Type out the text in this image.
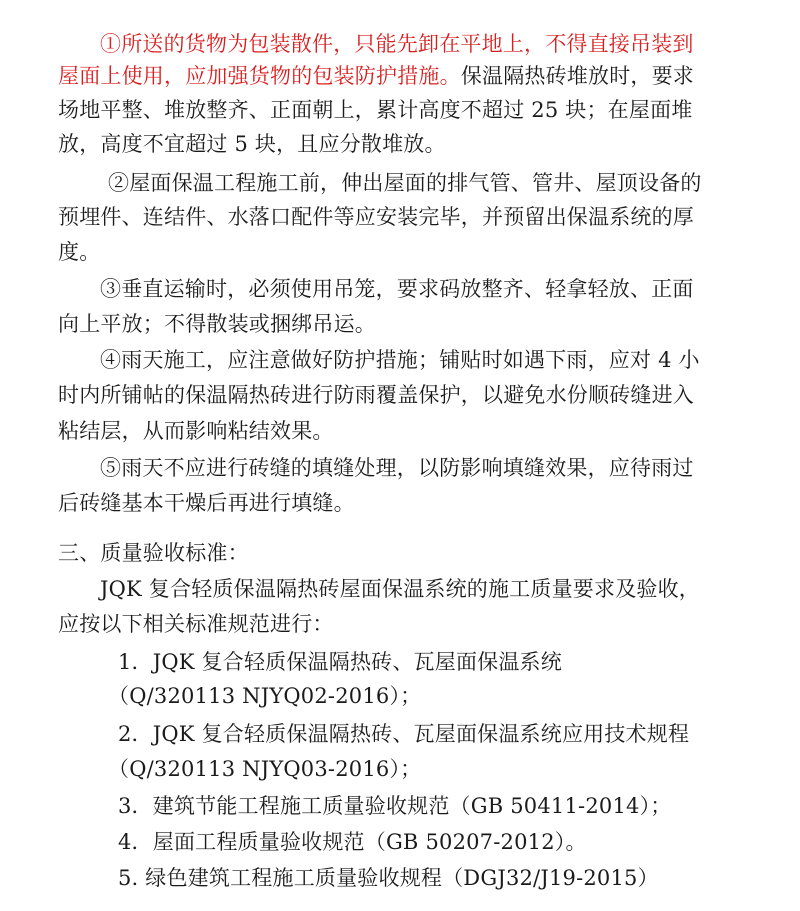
①所送的货物为包装散件，只能先卸在平地上，不得直接吊装到
屋面上使用，应加强货物的包装防护措施。保温隔热砖堆放时，要求
场地平整、堆放整齐、正面朝上，累计高度不超过 25 块；在屋面堆
放，高度不宜超过 5 块，且应分散堆放。
②屋面保温工程施工前，伸出屋面的排气管、管井、屋顶设备的
预埋件、连结件、水落口配件等应安装完毕，并预留出保温系统的厚
度。
③垂直运输时，必须使用吊笼，要求码放整齐、轻拿轻放、正面
向上平放；不得散装或捆绑吊运。
④雨天施工，应注意做好防护措施；铺贴时如遇下雨，应对 4 小
时内所铺帖的保温隔热砖进行防雨覆盖保护，以避免水份顺砖缝进入
粘结层，从而影响粘结效果。
⑤雨天不应进行砖缝的填缝处理，以防影响填缝效果，应待雨过
后砖缝基本干燥后再进行填缝。
三、质量验收标准：
JQK 复合轻质保温隔热砖屋面保温系统的施工质量要求及验收，
应按以下相关标准规范进行：
1．JQK 复合轻质保温隔热砖、瓦屋面保温系统
（Q/320113 NJYQ02-2016）；
2．JQK 复合轻质保温隔热砖、瓦屋面保温系统应用技术规程
（Q/320113 NJYQ03-2016）；
3．建筑节能工程施工质量验收规范（GB 50411-2014）；
4．屋面工程质量验收规范（GB 50207-2012）。
5. 绿色建筑工程施工质量验收规程（DGJ32/J19-2015）
